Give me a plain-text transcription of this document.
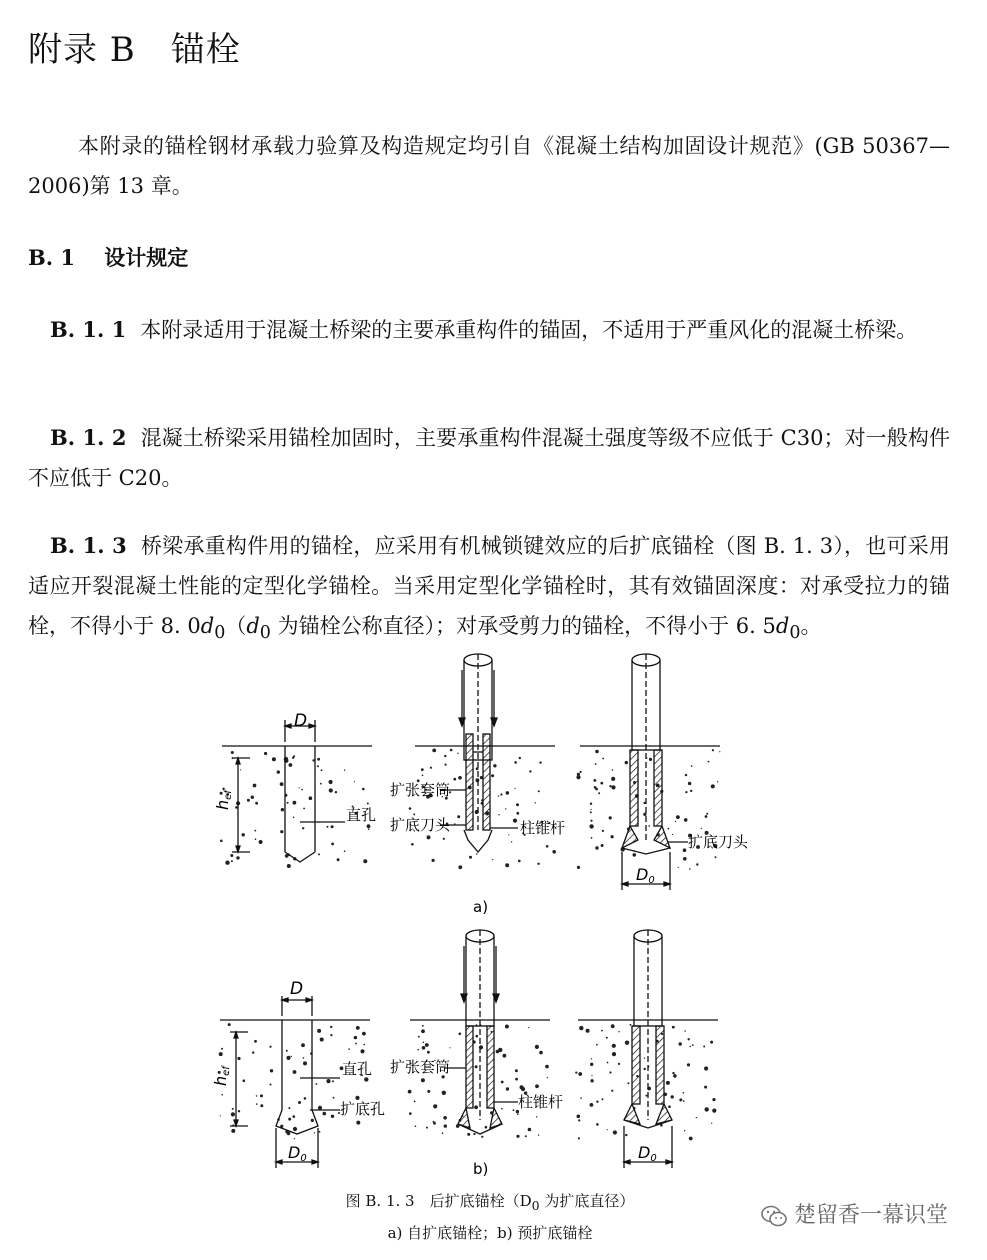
附录 B　锚栓
本附录的锚栓钢材承载力验算及构造规定均引自《混凝土结构加固设计规范》(GB 50367—2006)第 13 章。
B. 1 设计规定
B. 1. 1 本附录适用于混凝土桥梁的主要承重构件的锚固，不适用于严重风化的混凝土桥梁。
B. 1. 2 混凝土桥梁采用锚栓加固时，主要承重构件混凝土强度等级不应低于 C30；对一般构件不应低于 C20。
B. 1. 3 桥梁承重构件用的锚栓，应采用有机械锁键效应的后扩底锚栓（图 B. 1. 3），也可采用适应开裂混凝土性能的定型化学锚栓。当采用定型化学锚栓时，其有效锚固深度：对承受拉力的锚栓，不得小于 8. $0d_0(d_0$ 为锚栓公称直径）；对承受剪力的锚栓，不得小于 6. $5d_0$。
D
hef
直孔
扩张套筒
扩底刀头	柱锥杆
D0
扩底刀头
a)
D
hef	直孔
扩底孔
D0
扩张套筒
柱锥杆
D0
b)
图 B. 1. 3　后扩底锚栓（$D_0$ 为扩底直径）
a) 自扩底锚栓；b) 预扩底锚栓
楚留香一幕识堂
